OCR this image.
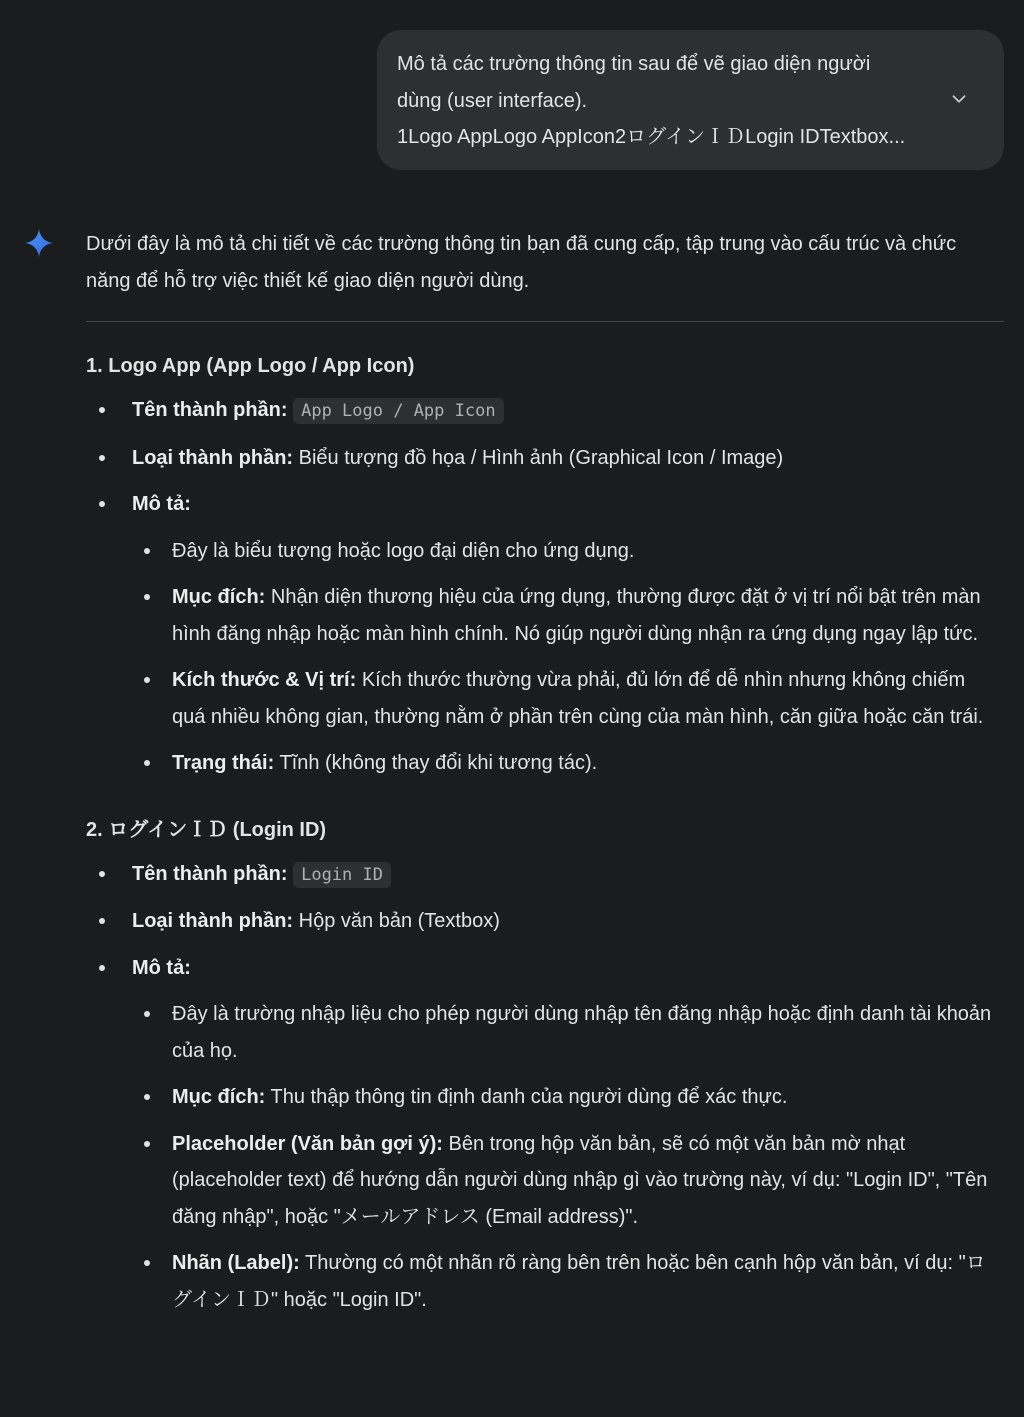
Mô tả các trường thông tin sau để vẽ giao diện người
dùng (user interface).
1Logo AppLogo AppIcon2ログインＩＤLogin IDTextbox...

Dưới đây là mô tả chi tiết về các trường thông tin bạn đã cung cấp, tập trung vào cấu trúc và chức năng để hỗ trợ việc thiết kế giao diện người dùng.

1. Logo App (App Logo / App Icon)

Tên thành phần: App Logo / App Icon
Loại thành phần: Biểu tượng đồ họa / Hình ảnh (Graphical Icon / Image)
Mô tả:
Đây là biểu tượng hoặc logo đại diện cho ứng dụng.
Mục đích: Nhận diện thương hiệu của ứng dụng, thường được đặt ở vị trí nổi bật trên màn hình đăng nhập hoặc màn hình chính. Nó giúp người dùng nhận ra ứng dụng ngay lập tức.
Kích thước & Vị trí: Kích thước thường vừa phải, đủ lớn để dễ nhìn nhưng không chiếm quá nhiều không gian, thường nằm ở phần trên cùng của màn hình, căn giữa hoặc căn trái.
Trạng thái: Tĩnh (không thay đổi khi tương tác).

2. ログインＩＤ (Login ID)

Tên thành phần: Login ID
Loại thành phần: Hộp văn bản (Textbox)
Mô tả:
Đây là trường nhập liệu cho phép người dùng nhập tên đăng nhập hoặc định danh tài khoản của họ.
Mục đích: Thu thập thông tin định danh của người dùng để xác thực.
Placeholder (Văn bản gợi ý): Bên trong hộp văn bản, sẽ có một văn bản mờ nhạt (placeholder text) để hướng dẫn người dùng nhập gì vào trường này, ví dụ: "Login ID", "Tên đăng nhập", hoặc "メールアドレス (Email address)".
Nhãn (Label): Thường có một nhãn rõ ràng bên trên hoặc bên cạnh hộp văn bản, ví dụ: "ログインＩＤ" hoặc "Login ID".
